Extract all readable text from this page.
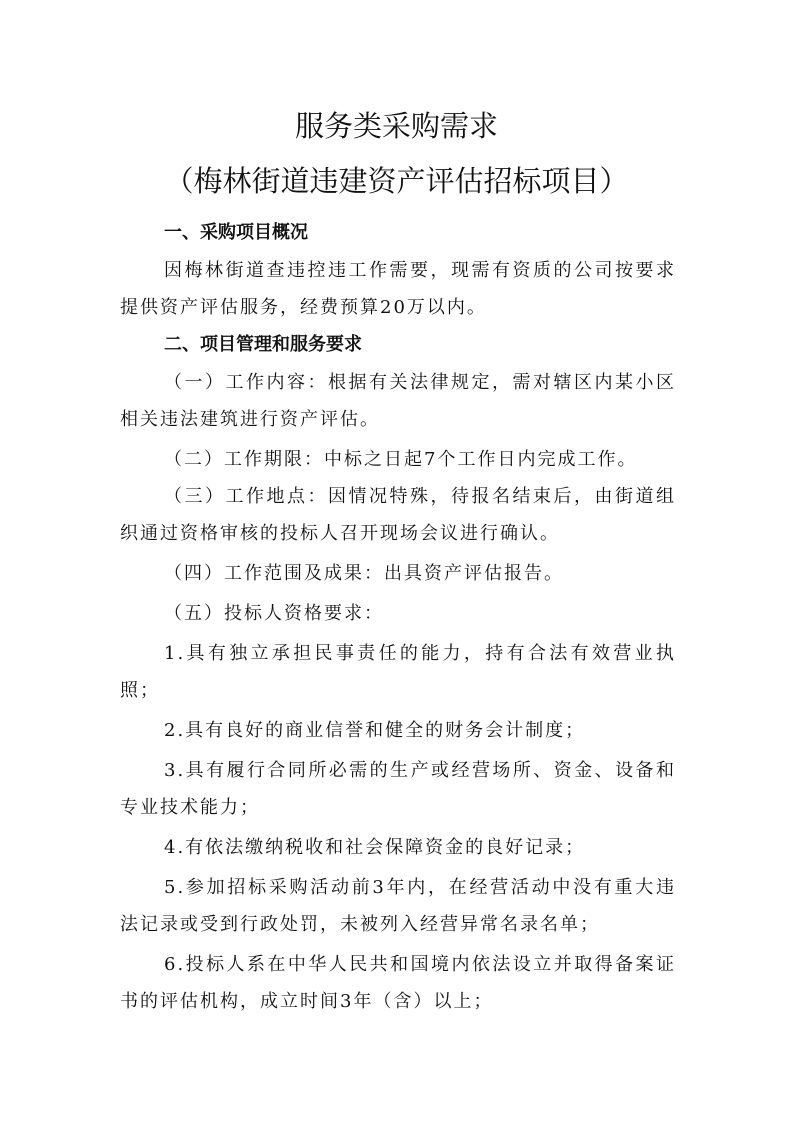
服务类采购需求
（梅林街道违建资产评估招标项目）
一、采购项目概况

因梅林街道查违控违工作需要，现需有资质的公司按要求提供资产评估服务，经费预算20万以内。

二、项目管理和服务要求

（一）工作内容：根据有关法律规定，需对辖区内某小区相关违法建筑进行资产评估。

（二）工作期限：中标之日起7个工作日内完成工作。

（三）工作地点：因情况特殊，待报名结束后，由街道组织通过资格审核的投标人召开现场会议进行确认。

（四）工作范围及成果：出具资产评估报告。

（五）投标人资格要求：

1.具有独立承担民事责任的能力，持有合法有效营业执照；

2.具有良好的商业信誉和健全的财务会计制度；

3.具有履行合同所必需的生产或经营场所、资金、设备和专业技术能力；

4.有依法缴纳税收和社会保障资金的良好记录；

5.参加招标采购活动前3年内，在经营活动中没有重大违法记录或受到行政处罚，未被列入经营异常名录名单；

6.投标人系在中华人民共和国境内依法设立并取得备案证书的评估机构，成立时间3年（含）以上；
